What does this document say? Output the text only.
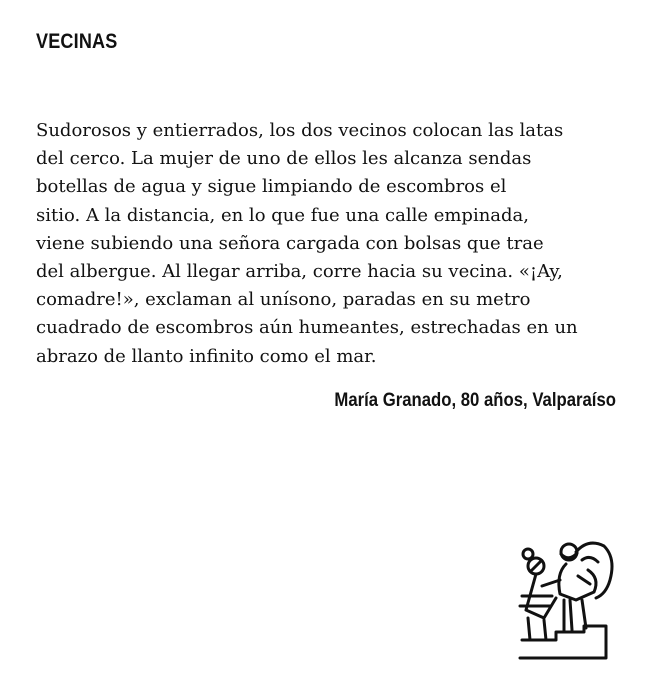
VECINAS
Sudorosos y entierrados, los dos vecinos colocan las latas
del cerco. La mujer de uno de ellos les alcanza sendas
botellas de agua y sigue limpiando de escombros el
sitio. A la distancia, en lo que fue una calle empinada,
viene subiendo una señora cargada con bolsas que trae
del albergue. Al llegar arriba, corre hacia su vecina. «¡Ay,
comadre!», exclaman al unísono, paradas en su metro
cuadrado de escombros aún humeantes, estrechadas en un
abrazo de llanto infinito como el mar.

María Granado, 80 años, Valparaíso
